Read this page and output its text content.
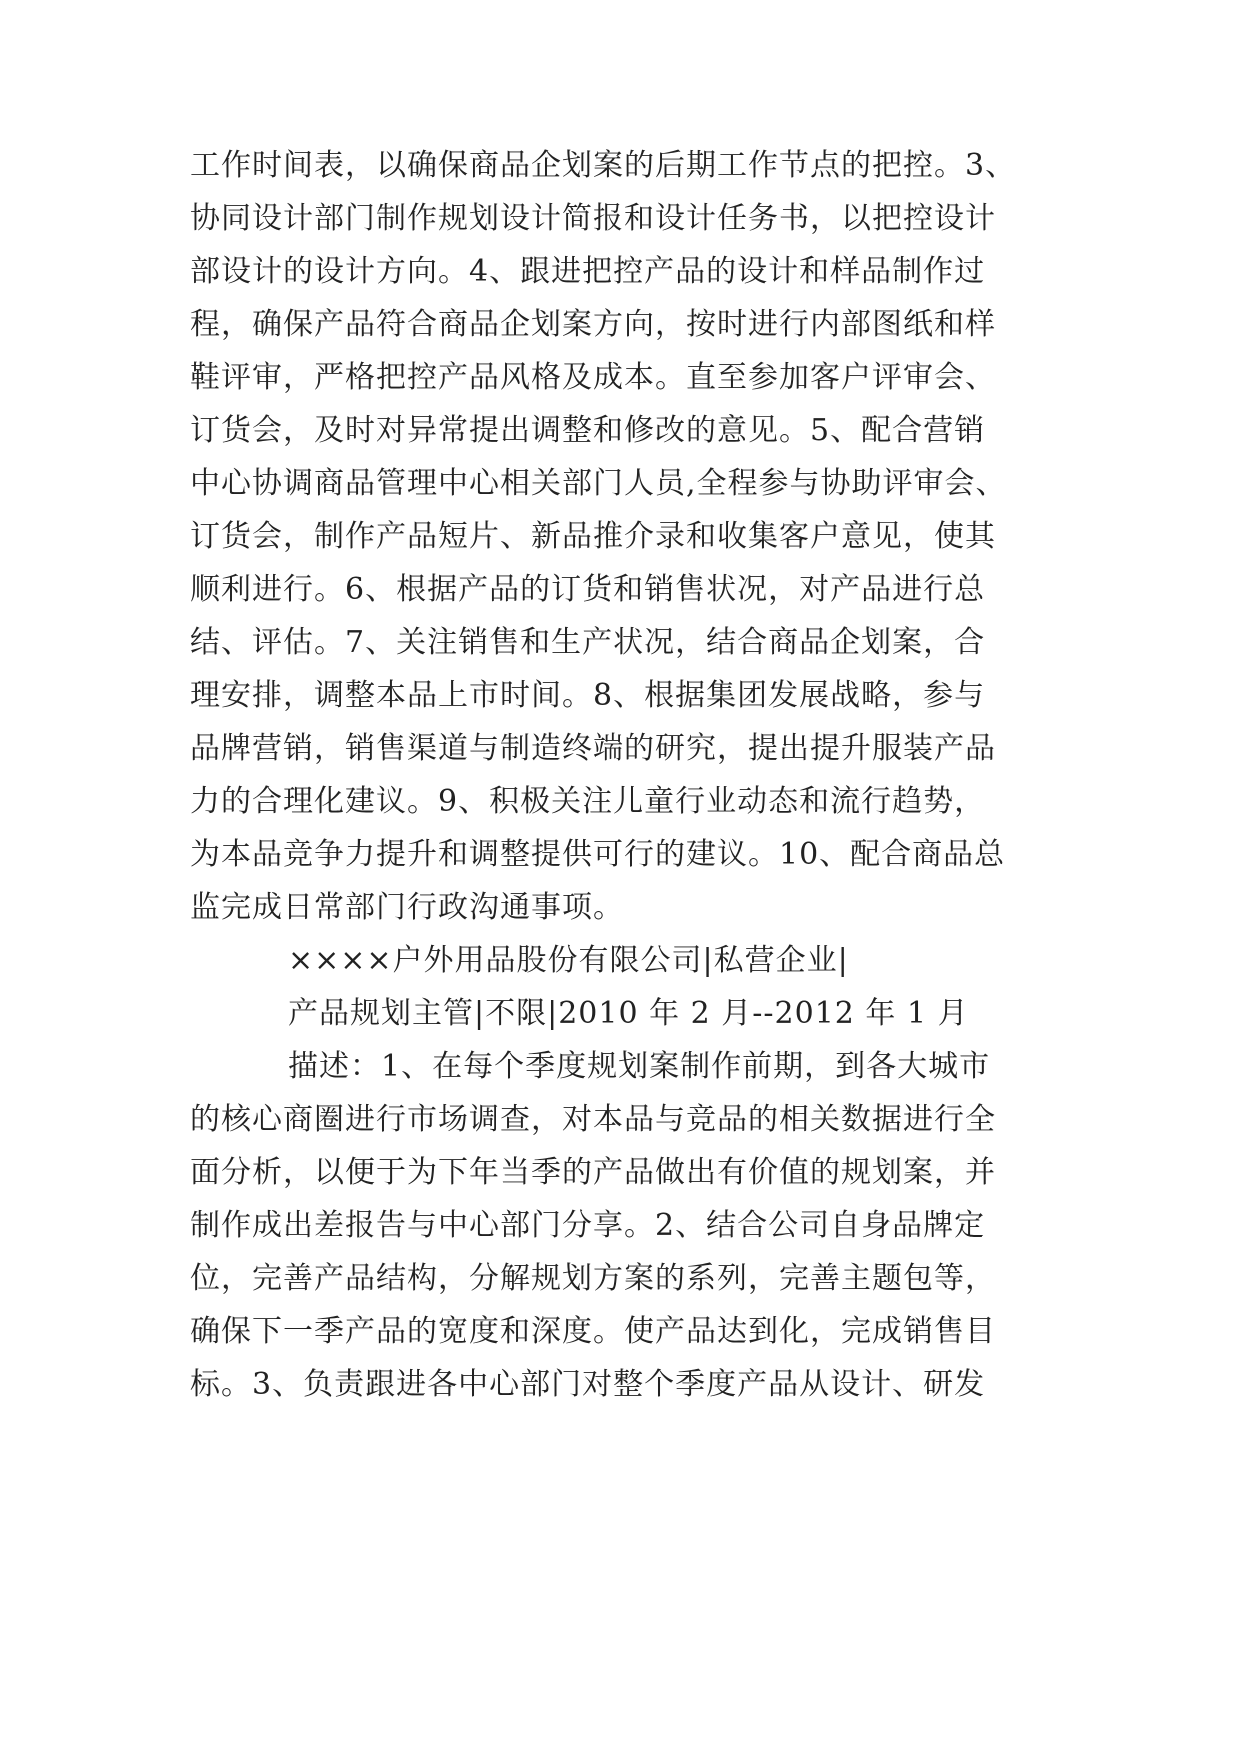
工作时间表，以确保商品企划案的后期工作节点的把控。3、
协同设计部门制作规划设计简报和设计任务书，以把控设计
部设计的设计方向。4、跟进把控产品的设计和样品制作过
程，确保产品符合商品企划案方向，按时进行内部图纸和样
鞋评审，严格把控产品风格及成本。直至参加客户评审会、
订货会，及时对异常提出调整和修改的意见。5、配合营销
中心协调商品管理中心相关部门人员,全程参与协助评审会、
订货会，制作产品短片、新品推介录和收集客户意见，使其
顺利进行。6、根据产品的订货和销售状况，对产品进行总
结、评估。7、关注销售和生产状况，结合商品企划案，合
理安排，调整本品上市时间。8、根据集团发展战略，参与
品牌营销，销售渠道与制造终端的研究，提出提升服装产品
力的合理化建议。9、积极关注儿童行业动态和流行趋势，
为本品竞争力提升和调整提供可行的建议。10、配合商品总
监完成日常部门行政沟通事项。
××××户外用品股份有限公司|私营企业|
产品规划主管|不限|2010 年 2 月--2012 年 1 月
描述：1、在每个季度规划案制作前期，到各大城市
的核心商圈进行市场调查，对本品与竞品的相关数据进行全
面分析，以便于为下年当季的产品做出有价值的规划案，并
制作成出差报告与中心部门分享。2、结合公司自身品牌定
位，完善产品结构，分解规划方案的系列，完善主题包等，
确保下一季产品的宽度和深度。使产品达到化，完成销售目
标。3、负责跟进各中心部门对整个季度产品从设计、研发
